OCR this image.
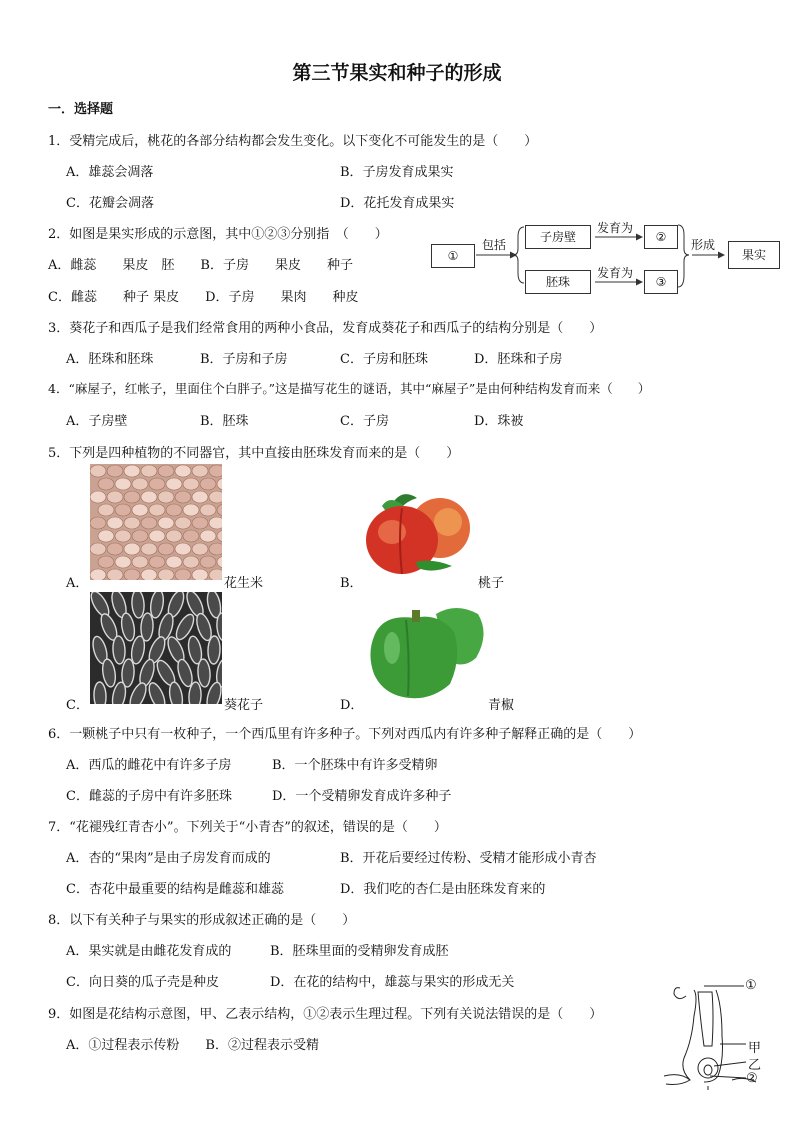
第三节果实和种子的形成
一．选择题
1．受精完成后，桃花的各部分结构都会发生变化。以下变化不可能发生的是（　　）
A．雄蕊会凋落	B．子房发育成果实
C．花瓣会凋落	D．花托发育成果实
2．如图是果实形成的示意图，其中①②③分别指　（　　）
A．雌蕊　　果皮　胚　　B．子房　　果皮　　种子
C．雌蕊　　种子 果皮　　D．子房　　果肉　　种皮
①
包括
子房壁
胚珠
发育为
发育为
②
③
形成
果实
3．葵花子和西瓜子是我们经常食用的两种小食品，发育成葵花子和西瓜子的结构分别是（　　）
A．胚珠和胚珠	B．子房和子房	C．子房和胚珠	D．胚珠和子房
4．“麻屋子，红帐子，里面住个白胖子。”这是描写花生的谜语，其中“麻屋子”是由何种结构发育而来（　　）
A．子房壁	B．胚珠	C．子房	D．珠被
5．下列是四种植物的不同器官，其中直接由胚珠发育而来的是（　　）
A．	花生米	B．	桃子
C．	葵花子	D．	青椒
6．一颗桃子中只有一枚种子，一个西瓜里有许多种子。下列对西瓜内有许多种子解释正确的是（　　）
A．西瓜的雌花中有许多子房	B．一个胚珠中有许多受精卵
C．雌蕊的子房中有许多胚珠	D．一个受精卵发育成许多种子
7．“花褪残红青杏小”。下列关于“小青杏”的叙述，错误的是（　　）
A．杏的“果肉”是由子房发育而成的	B．开花后要经过传粉、受精才能形成小青杏
C．杏花中最重要的结构是雌蕊和雄蕊	D．我们吃的杏仁是由胚珠发育来的
8．以下有关种子与果实的形成叙述正确的是（　　）
A．果实就是由雌花发育成的	B．胚珠里面的受精卵发育成胚
C．向日葵的瓜子壳是种皮	D．在花的结构中，雄蕊与果实的形成无关
9．如图是花结构示意图，甲、乙表示结构，①②表示生理过程。下列有关说法错误的是（　　）
A．①过程表示传粉　　B．②过程表示受精
①
甲
乙
②
